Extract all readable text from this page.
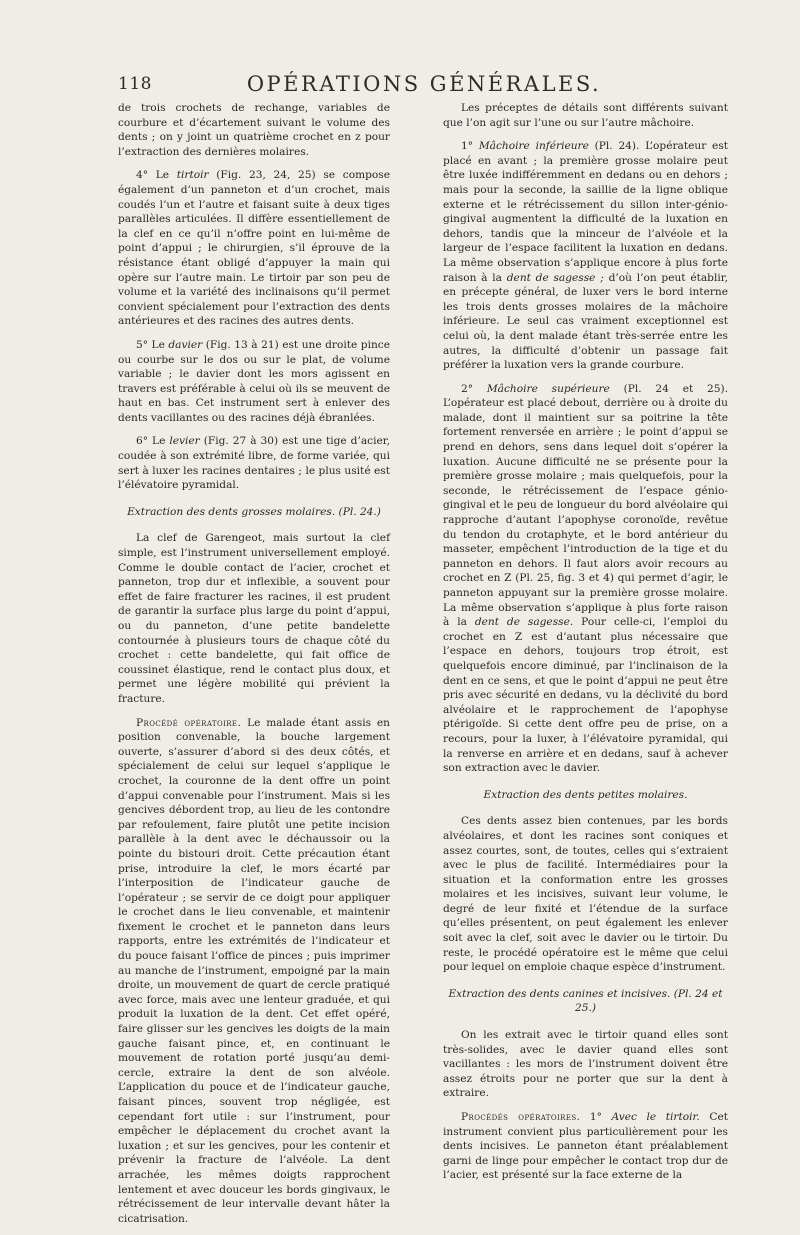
118	OPÉRATIONS GÉNÉRALES.

de trois crochets de rechange, variables de courbure et d’écartement suivant le volume des dents ; on y joint un quatrième crochet en z pour l’extraction des dernières molaires.

4° Le tirtoir (Fig. 23, 24, 25) se compose également d’un panneton et d’un crochet, mais coudés l’un et l’autre et faisant suite à deux tiges parallèles articulées. Il diffère essentiellement de la clef en ce qu’il n’offre point en lui-même de point d’appui ; le chirurgien, s’il éprouve de la résistance étant obligé d’appuyer la main qui opère sur l’autre main. Le tirtoir par son peu de volume et la variété des inclinaisons qu’il permet convient spécialement pour l’extraction des dents antérieures et des racines des autres dents.

5° Le davier (Fig. 13 à 21) est une droite pince ou courbe sur le dos ou sur le plat, de volume variable ; le davier dont les mors agissent en travers est préférable à celui où ils se meuvent de haut en bas. Cet instrument sert à enlever des dents vacillantes ou des racines déjà ébranlées.

6° Le levier (Fig. 27 à 30) est une tige d’acier, coudée à son extrémité libre, de forme variée, qui sert à luxer les racines dentaires ; le plus usité est l’élévatoire pyramidal.

Extraction des dents grosses molaires. (Pl. 24.)

La clef de Garengeot, mais surtout la clef simple, est l’instrument universellement employé. Comme le double contact de l’acier, crochet et panneton, trop dur et inflexible, a souvent pour effet de faire fracturer les racines, il est prudent de garantir la surface plus large du point d’appui, ou du panneton, d’une petite bandelette contournée à plusieurs tours de chaque côté du crochet : cette bandelette, qui fait office de coussinet élastique, rend le contact plus doux, et permet une légère mobilité qui prévient la fracture.

Procédé opératoire. Le malade étant assis en position convenable, la bouche largement ouverte, s’assurer d’abord si des deux côtés, et spécialement de celui sur lequel s’applique le crochet, la couronne de la dent offre un point d’appui convenable pour l’instrument. Mais si les gencives débordent trop, au lieu de les contondre par refoulement, faire plutôt une petite incision parallèle à la dent avec le déchaussoir ou la pointe du bistouri droit. Cette précaution étant prise, introduire la clef, le mors écarté par l’interposition de l’indicateur gauche de l’opérateur ; se servir de ce doigt pour appliquer le crochet dans le lieu convenable, et maintenir fixement le crochet et le panneton dans leurs rapports, entre les extrémités de l’indicateur et du pouce faisant l’office de pinces ; puis imprimer au manche de l’instrument, empoigné par la main droite, un mouvement de quart de cercle pratiqué avec force, mais avec une lenteur graduée, et qui produit la luxation de la dent. Cet effet opéré, faire glisser sur les gencives les doigts de la main gauche faisant pince, et, en continuant le mouvement de rotation porté jusqu’au demi-cercle, extraire la dent de son alvéole. L’application du pouce et de l’indicateur gauche, faisant pinces, souvent trop négligée, est cependant fort utile : sur l’instrument, pour empêcher le déplacement du crochet avant la luxation ; et sur les gencives, pour les contenir et prévenir la fracture de l’alvéole. La dent arrachée, les mêmes doigts rapprochent lentement et avec douceur les bords gingivaux, le rétrécissement de leur intervalle devant hâter la cicatrisation.

Les préceptes de détails sont différents suivant que l’on agit sur l’une ou sur l’autre mâchoire.

1° Mâchoire inférieure (Pl. 24). L’opérateur est placé en avant ; la première grosse molaire peut être luxée indifféremment en dedans ou en dehors ; mais pour la seconde, la saillie de la ligne oblique externe et le rétrécissement du sillon inter-génio-gingival augmentent la difficulté de la luxation en dehors, tandis que la minceur de l’alvéole et la largeur de l’espace facilitent la luxation en dedans. La même observation s’applique encore à plus forte raison à la dent de sagesse ; d’où l’on peut établir, en précepte général, de luxer vers le bord interne les trois dents grosses molaires de la mâchoire inférieure. Le seul cas vraiment exceptionnel est celui où, la dent malade étant très-serrée entre les autres, la difficulté d’obtenir un passage fait préférer la luxation vers la grande courbure.

2° Mâchoire supérieure (Pl. 24 et 25). L’opérateur est placé debout, derrière ou à droite du malade, dont il maintient sur sa poitrine la tête fortement renversée en arrière ; le point d’appui se prend en dehors, sens dans lequel doit s’opérer la luxation. Aucune difficulté ne se présente pour la première grosse molaire ; mais quelquefois, pour la seconde, le rétrécissement de l’espace génio-gingival et le peu de longueur du bord alvéolaire qui rapproche d’autant l’apophyse coronoïde, revêtue du tendon du crotaphyte, et le bord antérieur du masseter, empêchent l’introduction de la tige et du panneton en dehors. Il faut alors avoir recours au crochet en Z (Pl. 25, fig. 3 et 4) qui permet d’agir, le panneton appuyant sur la première grosse molaire. La même observation s’applique à plus forte raison à la dent de sagesse. Pour celle-ci, l’emploi du crochet en Z est d’autant plus nécessaire que l’espace en dehors, toujours trop étroit, est quelquefois encore diminué, par l’inclinaison de la dent en ce sens, et que le point d’appui ne peut être pris avec sécurité en dedans, vu la déclivité du bord alvéolaire et le rapprochement de l’apophyse ptérigoïde. Si cette dent offre peu de prise, on a recours, pour la luxer, à l’élévatoire pyramidal, qui la renverse en arrière et en dedans, sauf à achever son extraction avec le davier.

Extraction des dents petites molaires.

Ces dents assez bien contenues, par les bords alvéolaires, et dont les racines sont coniques et assez courtes, sont, de toutes, celles qui s’extraient avec le plus de facilité. Intermédiaires pour la situation et la conformation entre les grosses molaires et les incisives, suivant leur volume, le degré de leur fixité et l’étendue de la surface qu’elles présentent, on peut également les enlever soit avec la clef, soit avec le davier ou le tirtoir. Du reste, le procédé opératoire est le même que celui pour lequel on emploie chaque espèce d’instrument.

Extraction des dents canines et incisives. (Pl. 24 et 25.)

On les extrait avec le tirtoir quand elles sont très-solides, avec le davier quand elles sont vacillantes : les mors de l’instrument doivent être assez étroits pour ne porter que sur la dent à extraire.

Procédés opératoires. 1° Avec le tirtoir. Cet instrument convient plus particulièrement pour les dents incisives. Le panneton étant préalablement garni de linge pour empêcher le contact trop dur de l’acier, est présenté sur la face externe de la
